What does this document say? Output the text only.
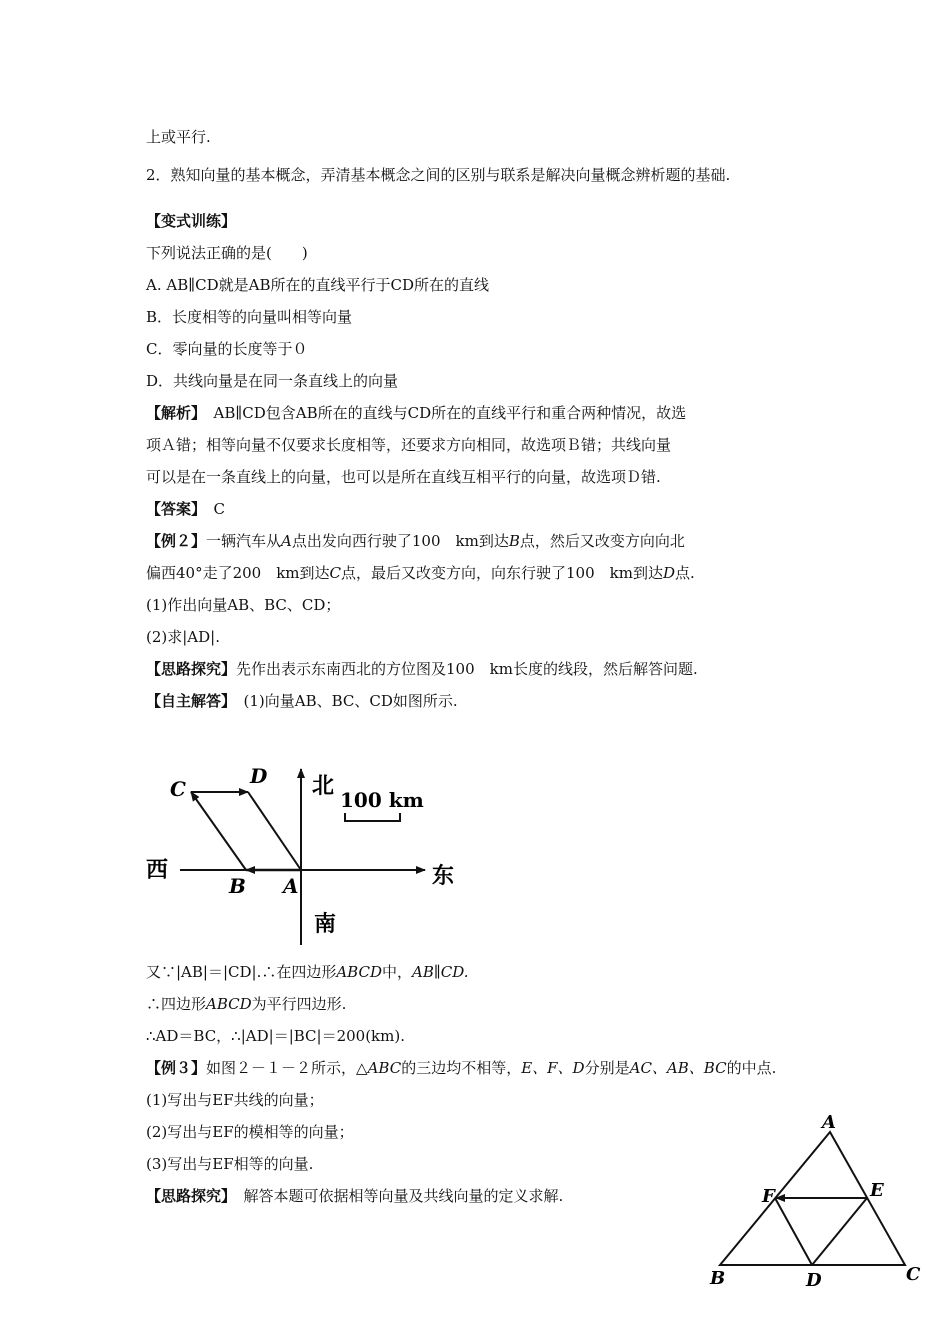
上或平行.
2．熟知向量的基本概念，弄清基本概念之间的区别与联系是解决向量概念辨析题的基础.
【变式训练】
下列说法正确的是(　　)
A. AB∥CD就是AB所在的直线平行于CD所在的直线
B．长度相等的向量叫相等向量
C．零向量的长度等于０
D．共线向量是在同一条直线上的向量
【解析】　AB∥CD包含AB所在的直线与CD所在的直线平行和重合两种情况，故选
项Ａ错；相等向量不仅要求长度相等，还要求方向相同，故选项Ｂ错；共线向量
可以是在一条直线上的向量，也可以是所在直线互相平行的向量，故选项Ｄ错.
【答案】　C
【例２】一辆汽车从A点出发向西行驶了100　km到达B点，然后又改变方向向北
偏西40°走了200　km到达C点，最后又改变方向，向东行驶了100　km到达D点.
(1)作出向量AB、BC、CD；
(2)求|AD|.
【思路探究】先作出表示东南西北的方位图及100　km长度的线段，然后解答问题.
【自主解答】　(1)向量AB、BC、CD如图所示.
北
100 km
西	东
南
A
B
C
D
又∵|AB|＝|CD|.∴在四边形ABCD中，AB∥CD.
∴四边形ABCD为平行四边形.
∴AD＝BC，∴|AD|＝|BC|＝200(km).
【例３】如图２－１－２所示，△ABC的三边均不相等，E、F、D分别是AC、AB、BC的中点.
(1)写出与EF共线的向量；
(2)写出与EF的模相等的向量；
(3)写出与EF相等的向量.
【思路探究】　解答本题可依据相等向量及共线向量的定义求解.
A
B	C
D
E
F
